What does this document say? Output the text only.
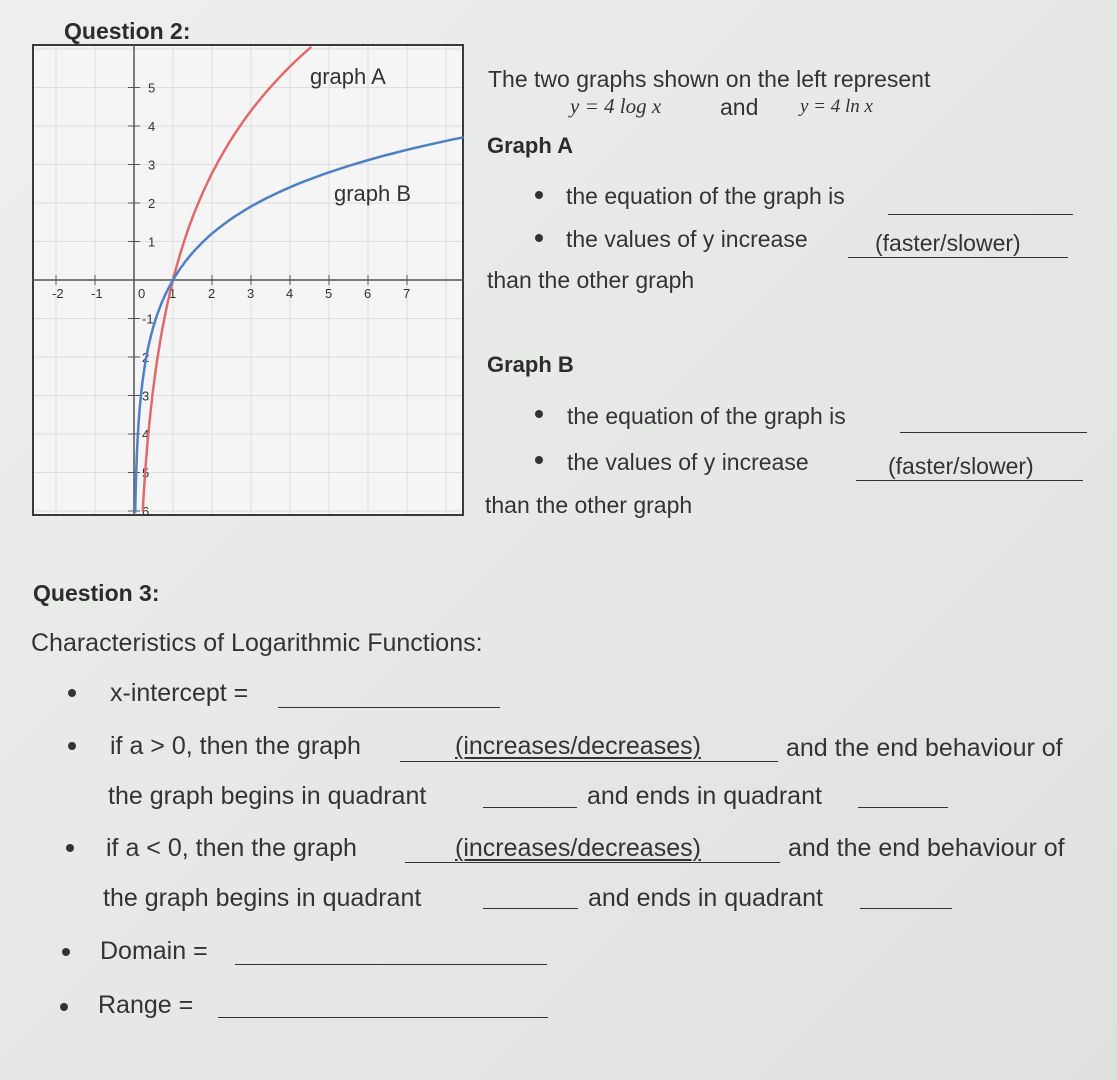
Question 2:
-2 -1	0 1 2 3 4 5 6 7
5
4
3
2
1
-1
2
3
4
5
6
graph A
graph B
The two graphs shown on the left represent
y = 4 log x	and y = 4 ln x
Graph A
the equation of the graph is
the values of y increase	(faster/slower)
than the other graph
Graph B
the equation of the graph is
the values of y increase	(faster/slower)
than the other graph
Question 3:
Characteristics of Logarithmic Functions:
x-intercept =
if a > 0, then the graph	(increases/decreases)	and the end behaviour of
the graph begins in quadrant	and ends in quadrant
if a < 0, then the graph	(increases/decreases)	and the end behaviour of
the graph begins in quadrant	and ends in quadrant
Domain =
Range =
